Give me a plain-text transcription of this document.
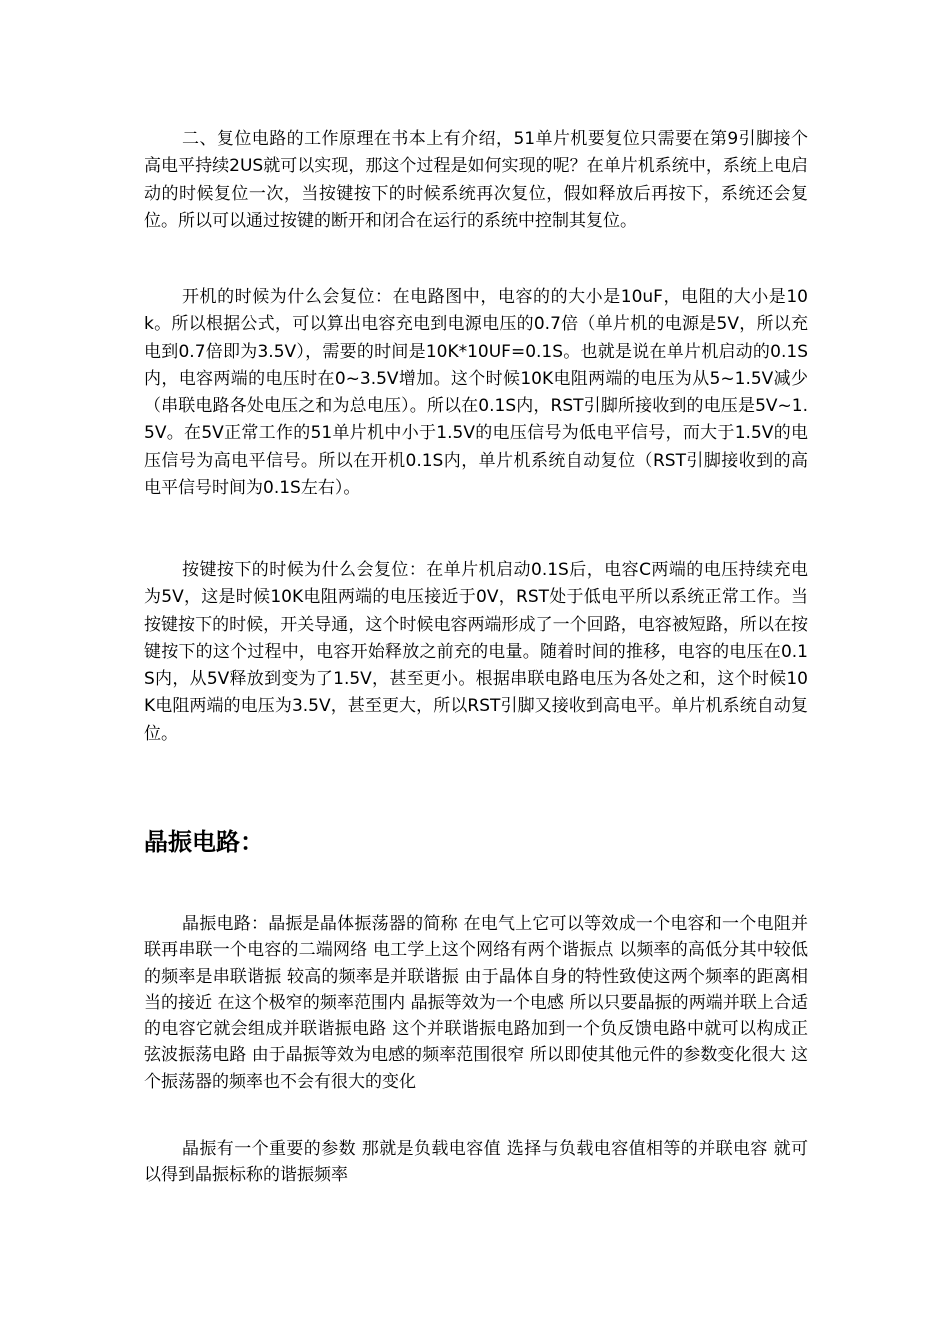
二、复位电路的工作原理在书本上有介绍，51单片机要复位只需要在第9引脚接个高电平持续2US就可以实现，那这个过程是如何实现的呢？在单片机系统中，系统上电启动的时候复位一次，当按键按下的时候系统再次复位，假如释放后再按下，系统还会复位。所以可以通过按键的断开和闭合在运行的系统中控制其复位。

开机的时候为什么会复位：在电路图中，电容的的大小是10uF，电阻的大小是10k。所以根据公式，可以算出电容充电到电源电压的0.7倍（单片机的电源是5V，所以充电到0.7倍即为3.5V），需要的时间是10K*10UF=0.1S。也就是说在单片机启动的0.1S内，电容两端的电压时在0~3.5V增加。这个时候10K电阻两端的电压为从5~1.5V减少（串联电路各处电压之和为总电压）。所以在0.1S内，RST引脚所接收到的电压是5V~1.5V。在5V正常工作的51单片机中小于1.5V的电压信号为低电平信号，而大于1.5V的电压信号为高电平信号。所以在开机0.1S内，单片机系统自动复位（RST引脚接收到的高电平信号时间为0.1S左右）。

按键按下的时候为什么会复位：在单片机启动0.1S后，电容C两端的电压持续充电为5V，这是时候10K电阻两端的电压接近于0V，RST处于低电平所以系统正常工作。当按键按下的时候，开关导通，这个时候电容两端形成了一个回路，电容被短路，所以在按键按下的这个过程中，电容开始释放之前充的电量。随着时间的推移，电容的电压在0.1S内，从5V释放到变为了1.5V，甚至更小。根据串联电路电压为各处之和，这个时候10K电阻两端的电压为3.5V，甚至更大，所以RST引脚又接收到高电平。单片机系统自动复位。

晶振电路：

晶振电路：晶振是晶体振荡器的简称 在电气上它可以等效成一个电容和一个电阻并联再串联一个电容的二端网络 电工学上这个网络有两个谐振点 以频率的高低分其中较低的频率是串联谐振 较高的频率是并联谐振 由于晶体自身的特性致使这两个频率的距离相当的接近 在这个极窄的频率范围内 晶振等效为一个电感 所以只要晶振的两端并联上合适的电容它就会组成并联谐振电路 这个并联谐振电路加到一个负反馈电路中就可以构成正弦波振荡电路 由于晶振等效为电感的频率范围很窄 所以即使其他元件的参数变化很大 这个振荡器的频率也不会有很大的变化

晶振有一个重要的参数 那就是负载电容值 选择与负载电容值相等的并联电容 就可以得到晶振标称的谐振频率
